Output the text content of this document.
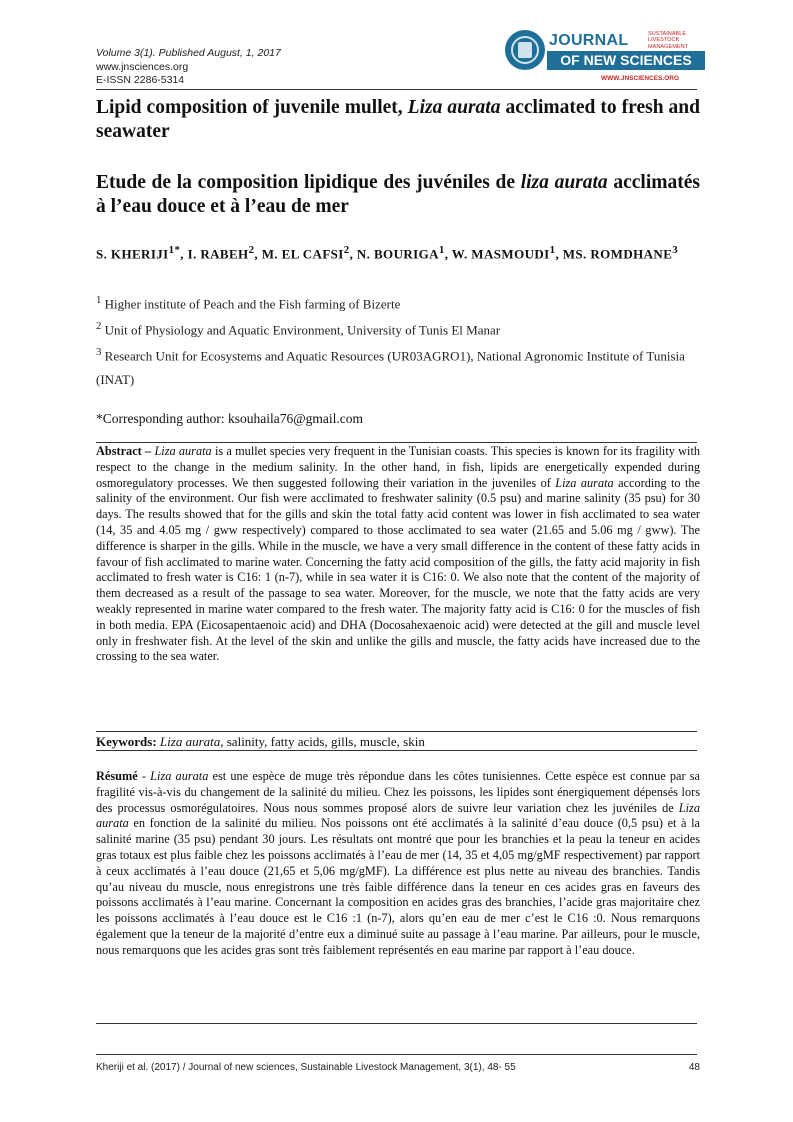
Volume 3(1). Published August, 1, 2017
www.jnsciences.org
E-ISSN 2286-5314
JOURNAL	SUSTAINABLE
LIVESTOCK
MANAGEMENT
OF NEW SCIENCES
WWW.JNSCIENCES.ORG
Lipid composition of juvenile mullet, Liza aurata acclimated to fresh and seawater
Etude de la composition lipidique des juvéniles de liza aurata acclimatés à l’eau douce et à l’eau de mer
S. $KHERIJI^{1*}$, I. RABEH$^2$, M. EL CAFSI$^2$, N. BOURIGA$^1$, W. MASMOUDI$^1$, MS. ROMDHANE$^3$
$^1$ Higher institute of Peach and the Fish farming of Bizerte
$^2$ Unit of Physiology and Aquatic Environment, University of Tunis El Manar
$^3$ Research Unit for Ecosystems and Aquatic Resources (UR03AGRO1), National Agronomic Institute of Tunisia (INAT)
*Corresponding author: ksouhaila76@gmail.com
Abstract – Liza aurata is a mullet species very frequent in the Tunisian coasts. This species is known for its fragility with respect to the change in the medium salinity. In the other hand, in fish, lipids are energetically expended during osmoregulatory processes. We then suggested following their variation in the juveniles of Liza aurata according to the salinity of the environment. Our fish were acclimated to freshwater salinity (0.5 psu) and marine salinity (35 psu) for 30 days. The results showed that for the gills and skin the total fatty acid content was lower in fish acclimated to sea water (14, 35 and 4.05 mg / gww respectively) compared to those acclimated to sea water (21.65 and 5.06 mg / gww). The difference is sharper in the gills. While in the muscle, we have a very small difference in the content of these fatty acids in favour of fish acclimated to marine water. Concerning the fatty acid composition of the gills, the fatty acid majority in fish acclimated to fresh water is C16: 1 (n-7), while in sea water it is C16: 0. We also note that the content of the majority of them decreased as a result of the passage to sea water. Moreover, for the muscle, we note that the fatty acids are very weakly represented in marine water compared to the fresh water. The majority fatty acid is C16: 0 for the muscles of fish in both media. EPA (Eicosapentaenoic acid) and DHA (Docosahexaenoic acid) were detected at the gill and muscle level only in freshwater fish. At the level of the skin and unlike the gills and muscle, the fatty acids have increased due to the crossing to the sea water.
Keywords: Liza aurata, salinity, fatty acids, gills, muscle, skin
Résumé - Liza aurata est une espèce de muge très répondue dans les côtes tunisiennes. Cette espèce est connue par sa fragilité vis-à-vis du changement de la salinité du milieu. Chez les poissons, les lipides sont énergiquement dépensés lors des processus osmorégulatoires. Nous nous sommes proposé alors de suivre leur variation chez les juvéniles de Liza aurata en fonction de la salinité du milieu. Nos poissons ont été acclimatés à la salinité d’eau douce (0,5 psu) et à la salinité marine (35 psu) pendant 30 jours. Les résultats ont montré que pour les branchies et la peau la teneur en acides gras totaux est plus faible chez les poissons acclimatés à l’eau de mer (14, 35 et 4,05 mg/gMF respectivement) par rapport à ceux acclimatés à l’eau douce (21,65 et 5,06 mg/gMF). La différence est plus nette au niveau des branchies. Tandis qu’au niveau du muscle, nous enregistrons une très faible différence dans la teneur en ces acides gras en faveurs des poissons acclimatés à l’eau marine. Concernant la composition en acides gras des branchies, l’acide gras majoritaire chez les poissons acclimatés à l’eau douce est le C16 :1 (n-7), alors qu’en eau de mer c’est le C16 :0. Nous remarquons également que la teneur de la majorité d’entre eux a diminué suite au passage à l’eau marine. Par ailleurs, pour le muscle, nous remarquons que les acides gras sont très faiblement représentés en eau marine par rapport à l’eau douce.
Kheriji et al. (2017) / Journal of new sciences, Sustainable Livestock Management, 3(1), 48- 55	48
